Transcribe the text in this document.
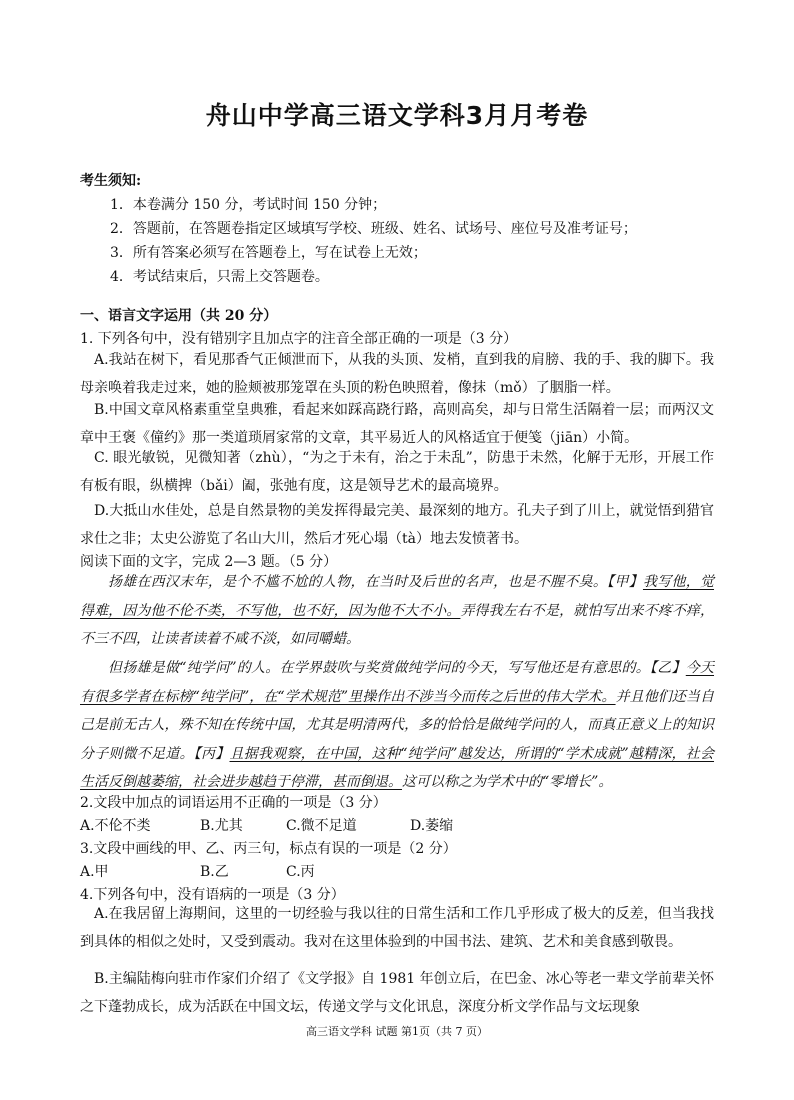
舟山中学高三语文学科3月月考卷
考生须知:
1．本卷满分 150 分，考试时间 150 分钟；
2．答题前，在答题卷指定区域填写学校、班级、姓名、试场号、座位号及准考证号；
3．所有答案必须写在答题卷上，写在试卷上无效；
4．考试结束后，只需上交答题卷。
一、语言文字运用（共 20 分）
1. 下列各句中，没有错别字且加点字的注音全部正确的一项是（3 分）
A.我站在树下，看见那香气正倾泄而下，从我的头顶、发梢，直到我的肩膀、我的手、我的脚下。我母亲唤着我走过来，她的脸颊被那笼罩在头顶的粉色映照着，像抹（mǒ）了胭脂一样。
B.中国文章风格素重堂皇典雅，看起来如踩高跷行路，高则高矣，却与日常生活隔着一层；而两汉文章中王褒《僮约》那一类道琐屑家常的文章，其平易近人的风格适宜于便笺（jiān）小简。
C. 眼光敏锐，见微知著（zhù），“为之于未有，治之于未乱”，防患于未然，化解于无形，开展工作有板有眼，纵横捭（bǎi）阖，张弛有度，这是领导艺术的最高境界。
D.大抵山水佳处，总是自然景物的美发挥得最完美、最深刻的地方。孔夫子到了川上，就觉悟到猎官求仕之非；太史公游览了名山大川，然后才死心塌（tà）地去发愤著书。
阅读下面的文字，完成 2—3 题。（5 分）
扬雄在西汉末年，是个不尴不尬的人物，在当时及后世的名声，也是不腥不臭。【甲】我写他，觉得难，因为他不伦不类，不写他，也不好，因为他不大不小。弄得我左右不是，就怕写出来不疼不痒，不三不四，让读者读着不咸不淡，如同嚼蜡。
但扬雄是做“纯学问”的人。在学界鼓吹与奖赏做纯学问的今天，写写他还是有意思的。【乙】今天有很多学者在标榜“纯学问”，在“学术规范”里操作出不涉当今而传之后世的伟大学术。并且他们还当自己是前无古人，殊不知在传统中国，尤其是明清两代，多的恰恰是做纯学问的人，而真正意义上的知识分子则微不足道。【丙】且据我观察，在中国，这种“纯学问”越发达，所谓的“学术成就”越精深，社会生活反倒越萎缩，社会进步越趋于停滞，甚而倒退。这可以称之为学术中的“零增长”。
2.文段中加点的词语运用不正确的一项是（3 分）
A.不伦不类	B.尤其	C.微不足道	D.萎缩
3.文段中画线的甲、乙、丙三句，标点有误的一项是（2 分）
A.甲	B.乙	C.丙
4.下列各句中，没有语病的一项是（3 分）
A.在我居留上海期间，这里的一切经验与我以往的日常生活和工作几乎形成了极大的反差，但当我找到具体的相似之处时，又受到震动。我对在这里体验到的中国书法、建筑、艺术和美食感到敬畏。
B.主编陆梅向驻市作家们介绍了《文学报》自 1981 年创立后，在巴金、冰心等老一辈文学前辈关怀之下蓬勃成长，成为活跃在中国文坛，传递文学与文化讯息，深度分析文学作品与文坛现象
高三语文学科 试题 第1页（共 7 页）
